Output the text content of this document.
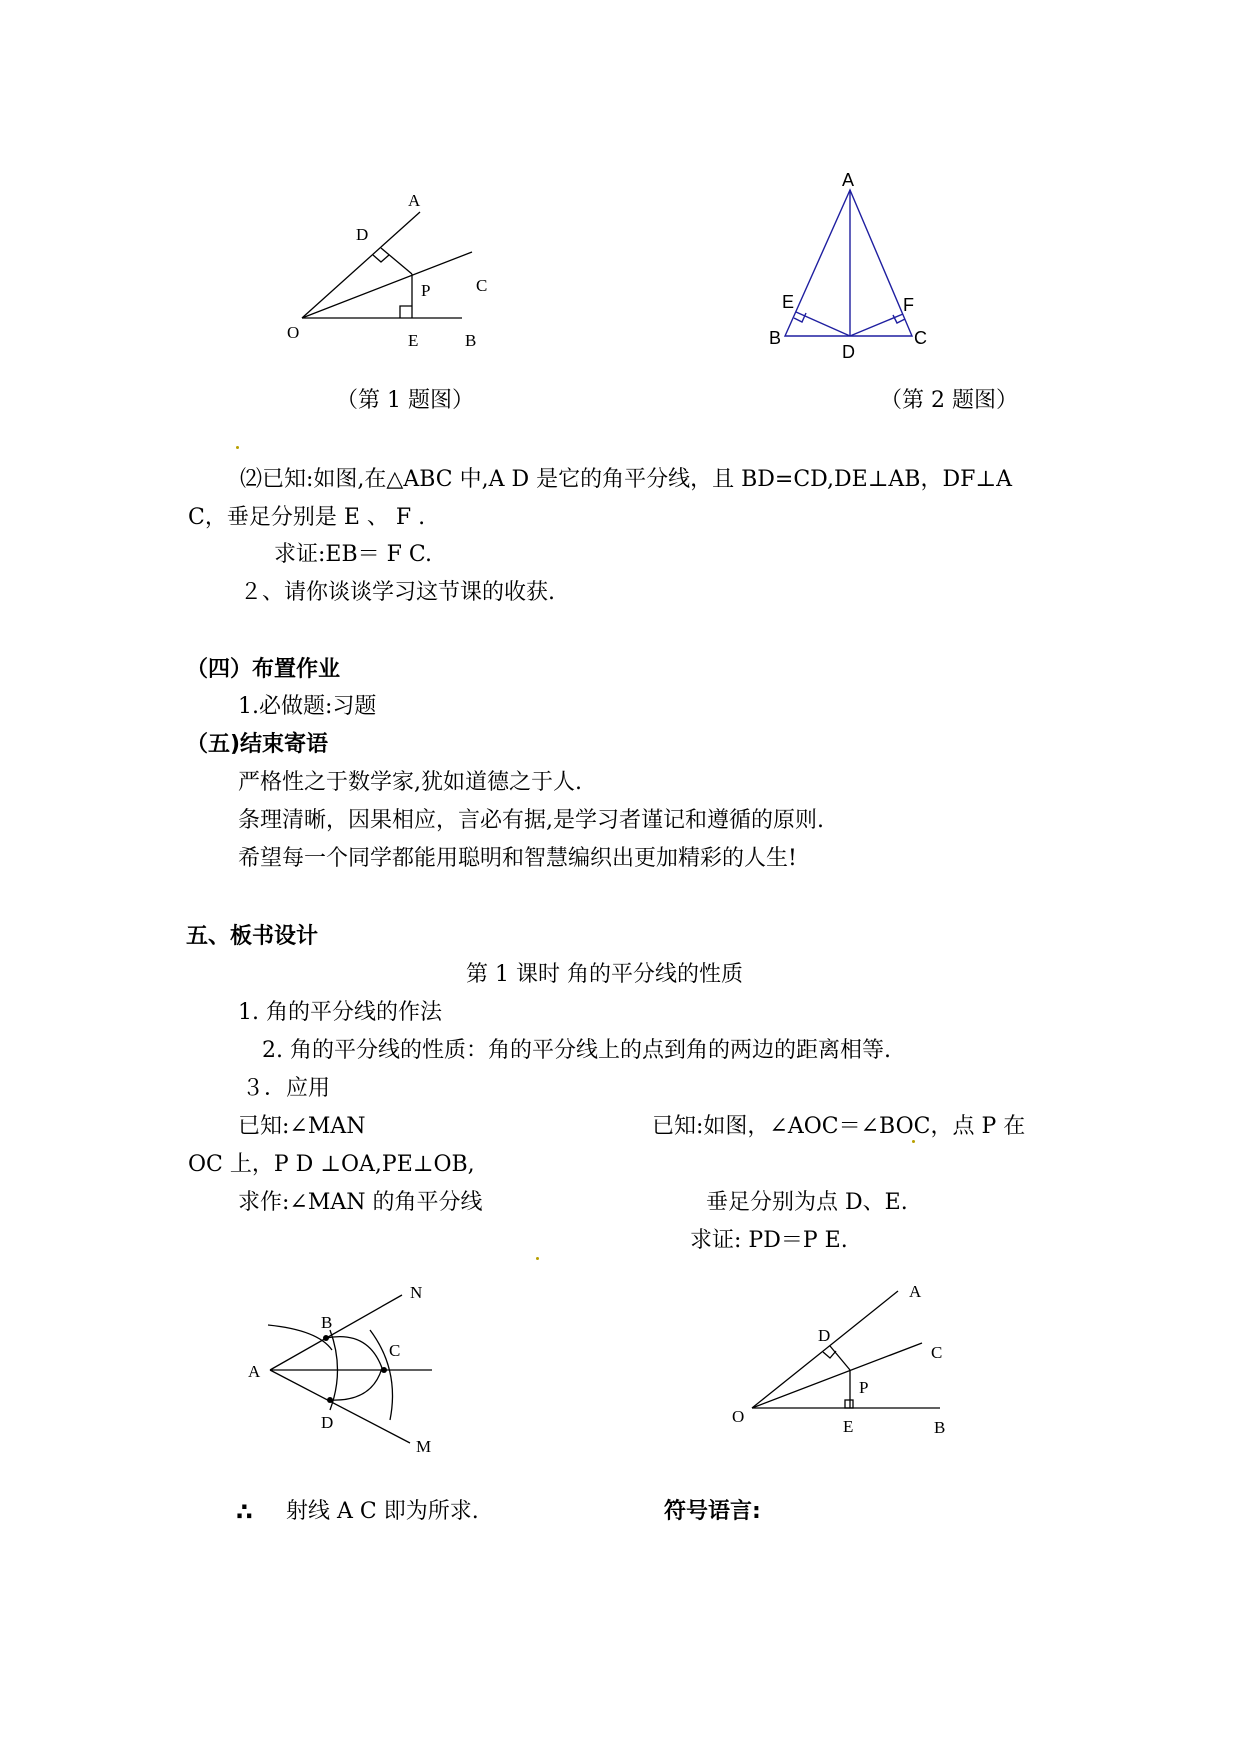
A
D
C
P
O	E	B
A
E	F
B
D
C
（第 1 题图）	（第 2 题图）
⑵已知:如图,在△ABC 中,A D 是它的角平分线，且 BD=CD,DE⊥AB，DF⊥A
C，垂足分别是 E 、 F .
求证:EB＝ F C.
２、请你谈谈学习这节课的收获.
（四）布置作业
1.必做题:习题
（五)结束寄语
严格性之于数学家,犹如道德之于人.
条理清晰，因果相应，言必有据,是学习者谨记和遵循的原则.
希望每一个同学都能用聪明和智慧编织出更加精彩的人生!
五、板书设计
第 1 课时 角的平分线的性质
1. 角的平分线的作法
2. 角的平分线的性质：角的平分线上的点到角的两边的距离相等.
３．应用
已知:∠MAN	已知:如图，∠AOC＝∠BOC，点 P 在
OC 上，P D ⊥OA,PE⊥OB,
求作:∠MAN 的角平分线	垂足分别为点 D、E.
求证: PD＝P E.
N
B
C
A
D
M
A
D
C
P
O
E	B
∴ 射线 A C 即为所求.	符号语言:
